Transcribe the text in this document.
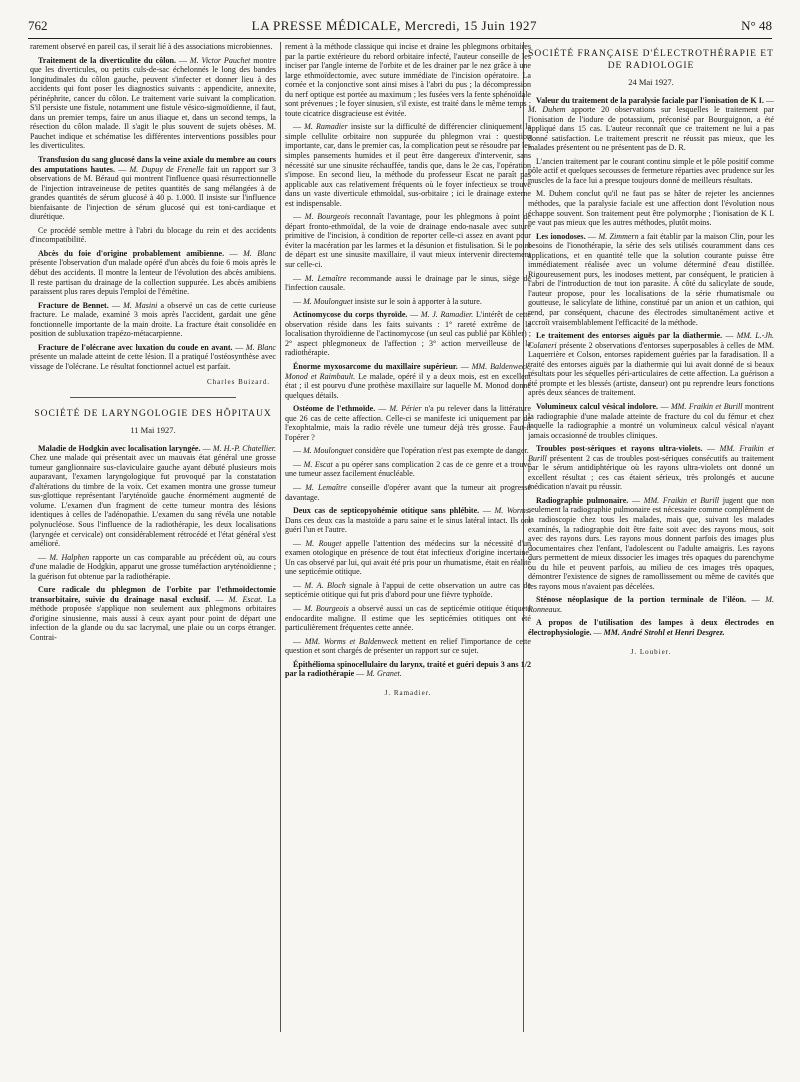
762	LA PRESSE MÉDICALE, Mercredi, 15 Juin 1927	N° 48

rarement observé en pareil cas, il serait lié à des associations microbiennes.

Traitement de la diverticulite du côlon. — M. Victor Pauchet montre que les diverticules, ou petits culs-de-sac échelonnés le long des bandes longitudinales du côlon gauche, peuvent s'infecter et donner lieu à des accidents qui font poser les diagnostics suivants : appendicite, annexite, périnéphrite, cancer du côlon. Le traitement varie suivant la complication. S'il persiste une fistule, notamment une fistule vésico-sigmoïdienne, il faut, dans un premier temps, faire un anus iliaque et, dans un second temps, la résection du côlon malade. Il s'agit le plus souvent de sujets obèses. M. Pauchet indique et schématise les différentes interventions possibles pour les diverticulites.

Transfusion du sang glucosé dans la veine axiale du membre au cours des amputations hautes. — M. Dupuy de Frenelle fait un rapport sur 3 observations de M. Béraud qui montrent l'influence quasi résurrectionnelle de l'injection intraveineuse de petites quantités de sang mélangées à de grandes quantités de sérum glucosé à 40 p. 1.000. Il insiste sur l'influence bienfaisante de l'injection de sérum glucosé qui est toni-cardiaque et diurétique.

Ce procédé semble mettre à l'abri du blocage du rein et des accidents d'incompatibilité.

Abcès du foie d'origine probablement amibienne. — M. Blanc présente l'observation d'un malade opéré d'un abcès du foie 6 mois après le début des accidents. Il montre la lenteur de l'évolution des abcès amibiens. Il reste partisan du drainage de la collection suppurée. Les abcès amibiens paraissent plus rares depuis l'emploi de l'émétine.

Fracture de Bennet. — M. Masini a observé un cas de cette curieuse fracture. Le malade, examiné 3 mois après l'accident, gardait une gêne fonctionnelle importante de la main droite. La fracture était consolidée en position de subluxation trapézo-métacarpienne.

Fracture de l'olécrane avec luxation du coude en avant. — M. Blanc présente un malade atteint de cette lésion. Il a pratiqué l'ostéosynthèse avec vissage de l'olécrane. Le résultat fonctionnel actuel est parfait.

Charles Buizard.
SOCIÉTÉ DE LARYNGOLOGIE DES HÔPITAUX
11 Mai 1927.

Maladie de Hodgkin avec localisation laryngée. — M. H.-P. Chatellier. Chez une malade qui présentait avec un mauvais état général une grosse tumeur ganglionnaire sus-claviculaire gauche ayant débuté plusieurs mois auparavant, l'examen laryngologique fut provoqué par la constatation d'altérations du timbre de la voix. Cet examen montra une grosse tumeur sus-glottique représentant l'aryténoïde gauche énormément augmenté de volume. L'examen d'un fragment de cette tumeur montra des lésions identiques à celles de l'adénopathie. L'examen du sang révéla une notable polynucléose. Sous l'influence de la radiothérapie, les deux localisations (laryngée et cervicale) ont considérablement rétrocédé et l'état général s'est amélioré.

— M. Halphen rapporte un cas comparable au précédent où, au cours d'une maladie de Hodgkin, apparut une grosse tuméfaction aryténoïdienne ; la guérison fut obtenue par la radiothérapie.

Cure radicale du phlegmon de l'orbite par l'ethmoïdectomie transorbitaire, suivie du drainage nasal exclusif. — M. Escat. La méthode proposée s'applique non seulement aux phlegmons orbitaires d'origine sinusienne, mais aussi à ceux ayant pour point de départ une infection de la glande ou du sac lacrymal, une plaie ou un corps étranger. Contrai-

rement à la méthode classique qui incise et draine les phlegmons orbitaires par la partie extérieure du rebord orbitaire infecté, l'auteur conseille de les inciser par l'angle interne de l'orbite et de les drainer par le nez grâce à une large ethmoïdectomie, avec suture immédiate de l'incision opératoire. La cornée et la conjonctive sont ainsi mises à l'abri du pus ; la décompression du nerf optique est portée au maximum ; les fusées vers la fente sphénoïdale sont prévenues ; le foyer sinusien, s'il existe, est traité dans le même temps ; toute cicatrice disgracieuse est évitée.

— M. Ramadier insiste sur la difficulté de différencier cliniquement la simple cellulite orbitaire non suppurée du phlegmon vrai : question importante, car, dans le premier cas, la complication peut se résoudre par les simples pansements humides et il peut être dangereux d'intervenir, sans nécessité sur une sinusite réchauffée, tandis que, dans le 2e cas, l'opération s'impose. En second lieu, la méthode du professeur Escat ne paraît pas applicable aux cas relativement fréquents où le foyer infectieux se trouve dans un vaste diverticule ethmoïdal, sus-orbitaire ; ici le drainage externe est indispensable.

— M. Bourgeois reconnaît l'avantage, pour les phlegmons à point de départ fronto-ethmoïdal, de la voie de drainage endo-nasale avec suture primitive de l'incision, à condition de reporter celle-ci assez en avant pour éviter la macération par les larmes et la désunion et fistulisation. Si le point de départ est une sinusite maxillaire, il vaut mieux intervenir directement sur celle-ci.

— M. Lemaître recommande aussi le drainage par le sinus, siège de l'infection causale.

— M. Moulonguet insiste sur le soin à apporter à la suture.

Actinomycose du corps thyroïde. — M. J. Ramadier. L'intérêt de cette observation réside dans les faits suivants : 1° rareté extrême de la localisation thyroïdienne de l'actinomycose (un seul cas publié par Köhler) ; 2° aspect phlegmoneux de l'affection ; 3° action merveilleuse de la radiothérapie.

Énorme myxosarcome du maxillaire supérieur. — MM. Baldenweck, Monod et Raimbault. Le malade, opéré il y a deux mois, est en excellent état ; il est pourvu d'une prothèse maxillaire sur laquelle M. Monod donne quelques détails.

Ostéome de l'ethmoïde. — M. Périer n'a pu relever dans la littérature que 26 cas de cette affection. Celle-ci se manifeste ici uniquement par de l'exophtalmie, mais la radio révèle une tumeur déjà très grosse. Faut-il l'opérer ?

— M. Moulonguet considère que l'opération n'est pas exempte de danger.

— M. Escat a pu opérer sans complication 2 cas de ce genre et a trouvé une tumeur assez facilement énucléable.

— M. Lemaître conseille d'opérer avant que la tumeur ait progressé davantage.

Deux cas de septicopyohémie otitique sans phlébite. — M. Worms. Dans ces deux cas la mastoïde a paru saine et le sinus latéral intact. Ils ont guéri l'un et l'autre.

— M. Rouget appelle l'attention des médecins sur la nécessité d'un examen otologique en présence de tout état infectieux d'origine incertaine. Un cas observé par lui, qui avait été pris pour un rhumatisme, était en réalité une septicémie otitique.

— M. A. Bloch signale à l'appui de cette observation un autre cas de septicémie otitique qui fut pris d'abord pour une fièvre typhoïde.

— M. Bourgeois a observé aussi un cas de septicémie otitique étiqueté endocardite maligne. Il estime que les septicémies otitiques ont été particulièrement fréquentes cette année.

— MM. Worms et Baldenweck mettent en relief l'importance de cette question et sont chargés de présenter un rapport sur ce sujet.

Épithélioma spinocellulaire du larynx, traité et guéri depuis 3 ans 1/2 par la radiothérapie — M. Granet.

J. Ramadier.
SOCIÉTÉ FRANÇAISE D'ÉLECTROTHÉRAPIE ET DE RADIOLOGIE
24 Mai 1927.

Valeur du traitement de la paralysie faciale par l'ionisation de K I. — M. Duhem apporte 20 observations sur lesquelles le traitement par l'ionisation de l'iodure de potassium, préconisé par Bourguignon, a été appliqué dans 15 cas. L'auteur reconnaît que ce traitement ne lui a pas donné satisfaction. Le traitement prescrit ne réussit pas mieux, que les malades présentent ou ne présentent pas de D. R.

L'ancien traitement par le courant continu simple et le pôle positif comme pôle actif et quelques secousses de fermeture réparties avec prudence sur les muscles de la face lui a presque toujours donné de meilleurs résultats.

M. Duhem conclut qu'il ne faut pas se hâter de rejeter les anciennes méthodes, que la paralysie faciale est une affection dont l'évolution nous échappe souvent. Son traitement peut être polymorphe ; l'ionisation de K I. ne vaut pas mieux que les autres méthodes, plutôt moins.

Les ionodoses. — M. Zimmern a fait établir par la maison Clin, pour les besoins de l'ionothérapie, la série des sels utilisés couramment dans ces applications, et en quantité telle que la solution courante puisse être immédiatement réalisée avec un volume déterminé d'eau distillée. Rigoureusement purs, les inodoses mettent, par conséquent, le praticien à l'abri de l'introduction de tout ion parasite. À côté du salicylate de soude, l'auteur propose, pour les localisations de la série rhumatismale ou goutteuse, le salicylate de lithine, constitué par un anion et un cathion, qui rend, par conséquent, chacune des électrodes simultanément active et accroît vraisemblablement l'efficacité de la méthode.

Le traitement des entorses aiguës par la diathermie. — MM. L.-Jh. Colaneri présente 2 observations d'entorses superposables à celles de MM. Laquerrière et Colson, entorses rapidement guéries par la faradisation. Il a traité des entorses aiguës par la diathermie qui lui avait donné de si beaux résultats pour les séquelles péri-articulaires de cette affection. La guérison a été prompte et les blessés (artiste, danseur) ont pu reprendre leurs fonctions après deux séances de traitement.

Volumineux calcul vésical indolore. — MM. Fraikin et Burill montrent la radiographie d'une malade atteinte de fracture du col du fémur et chez laquelle la radiographie a montré un volumineux calcul vésical n'ayant jamais occasionné de troubles cliniques.

Troubles post-sériques et rayons ultra-violets. — MM. Fraikin et Burill présentent 2 cas de troubles post-sériques consécutifs au traitement par le sérum antidiphtérique où les rayons ultra-violets ont donné un excellent résultat ; ces cas étaient sérieux, très prolongés et aucune médication n'avait pu réussir.

Radiographie pulmonaire. — MM. Fraikin et Burill jugent que non seulement la radiographie pulmonaire est nécessaire comme complément de la radioscopie chez tous les malades, mais que, suivant les malades examinés, la radiographie doit être faite soit avec des rayons mous, soit avec des rayons durs. Les rayons mous donnent parfois des images plus documentaires chez l'enfant, l'adolescent ou l'adulte amaigris. Les rayons durs permettent de mieux dissocier les images très opaques du parenchyme ou du hile et peuvent parfois, au milieu de ces images très opaques, démontrer l'existence de signes de ramollissement ou même de cavités que les rayons mous n'avaient pas décelées.

Sténose néoplasique de la portion terminale de l'iléon. — M. Ronneaux.

A propos de l'utilisation des lampes à deux électrodes en électrophysiologie. — MM. André Strohl et Henri Desgrez.

J. Loubier.
